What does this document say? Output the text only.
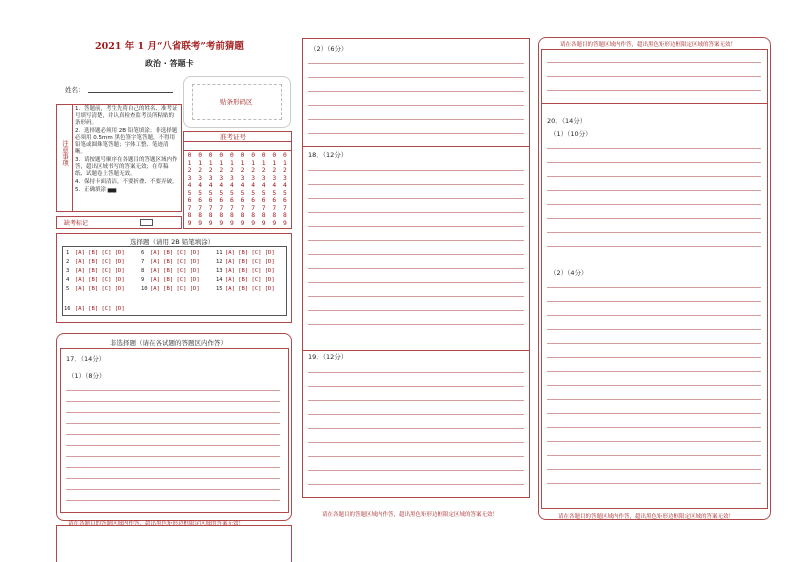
2021 年 1 月“八省联考”考前猜题
政治 · 答题卡
姓名：
贴条形码区
注意事项
1．答题前，考生先将自己的姓名、准考证号填写清楚，并认真检查监考员所粘贴的条形码。
2．选择题必须用 2B 铅笔填涂；非选择题必须用 0.5mm 黑色签字笔答题，不得用铅笔或圆珠笔答题；字体工整、笔迹清晰。
3．请按题号顺序在各题目的答题区域内作答，超出区域书写的答案无效；在草稿纸、试题卷上答题无效。
4．保持卡面清洁，不要折叠、不要弄破。
5．正确填涂 ▅▅
缺考标记
准考证号
0
1
2
3
4
5
6
7
8
9
0
1
2
3
4
5
6
7
8
9
0
1
2
3
4
5
6
7
8
9
0
1
2
3
4
5
6
7
8
9
0
1
2
3
4
5
6
7
8
9
0
1
2
3
4
5
6
7
8
9
0
1
2
3
4
5
6
7
8
9
0
1
2
3
4
5
6
7
8
9
0
1
2
3
4
5
6
7
8
9
0
1
2
3
4
5
6
7
8
9
选择题（请用 2B 铅笔填涂）
1 [A] [B] [C] [D]
2 [A] [B] [C] [D]
3 [A] [B] [C] [D]
4 [A] [B] [C] [D]
5 [A] [B] [C] [D]
6 [A] [B] [C] [D]
7 [A] [B] [C] [D]
8 [A] [B] [C] [D]
9 [A] [B] [C] [D]
10 [A] [B] [C] [D]
11 [A] [B] [C] [D]
12 [A] [B] [C] [D]
13 [A] [B] [C] [D]
14 [A] [B] [C] [D]
15 [A] [B] [C] [D]
16 [A] [B] [C] [D]
非选择题（请在各试题的答题区内作答）
17．（14分）
（1）（8分）
请在各题目的答题区域内作答，超出黑色矩形边框限定区域的答案无效！
（2）（6分）
18．（12分）
19．（12分）
请在各题目的答题区域内作答，超出黑色矩形边框限定区域的答案无效！
请在各题目的答题区域内作答，超出黑色矩形边框限定区域的答案无效！
20．（14分）
（1）（10分）
（2）（4分）
请在各题目的答题区域内作答，超出黑色矩形边框限定区域的答案无效！
